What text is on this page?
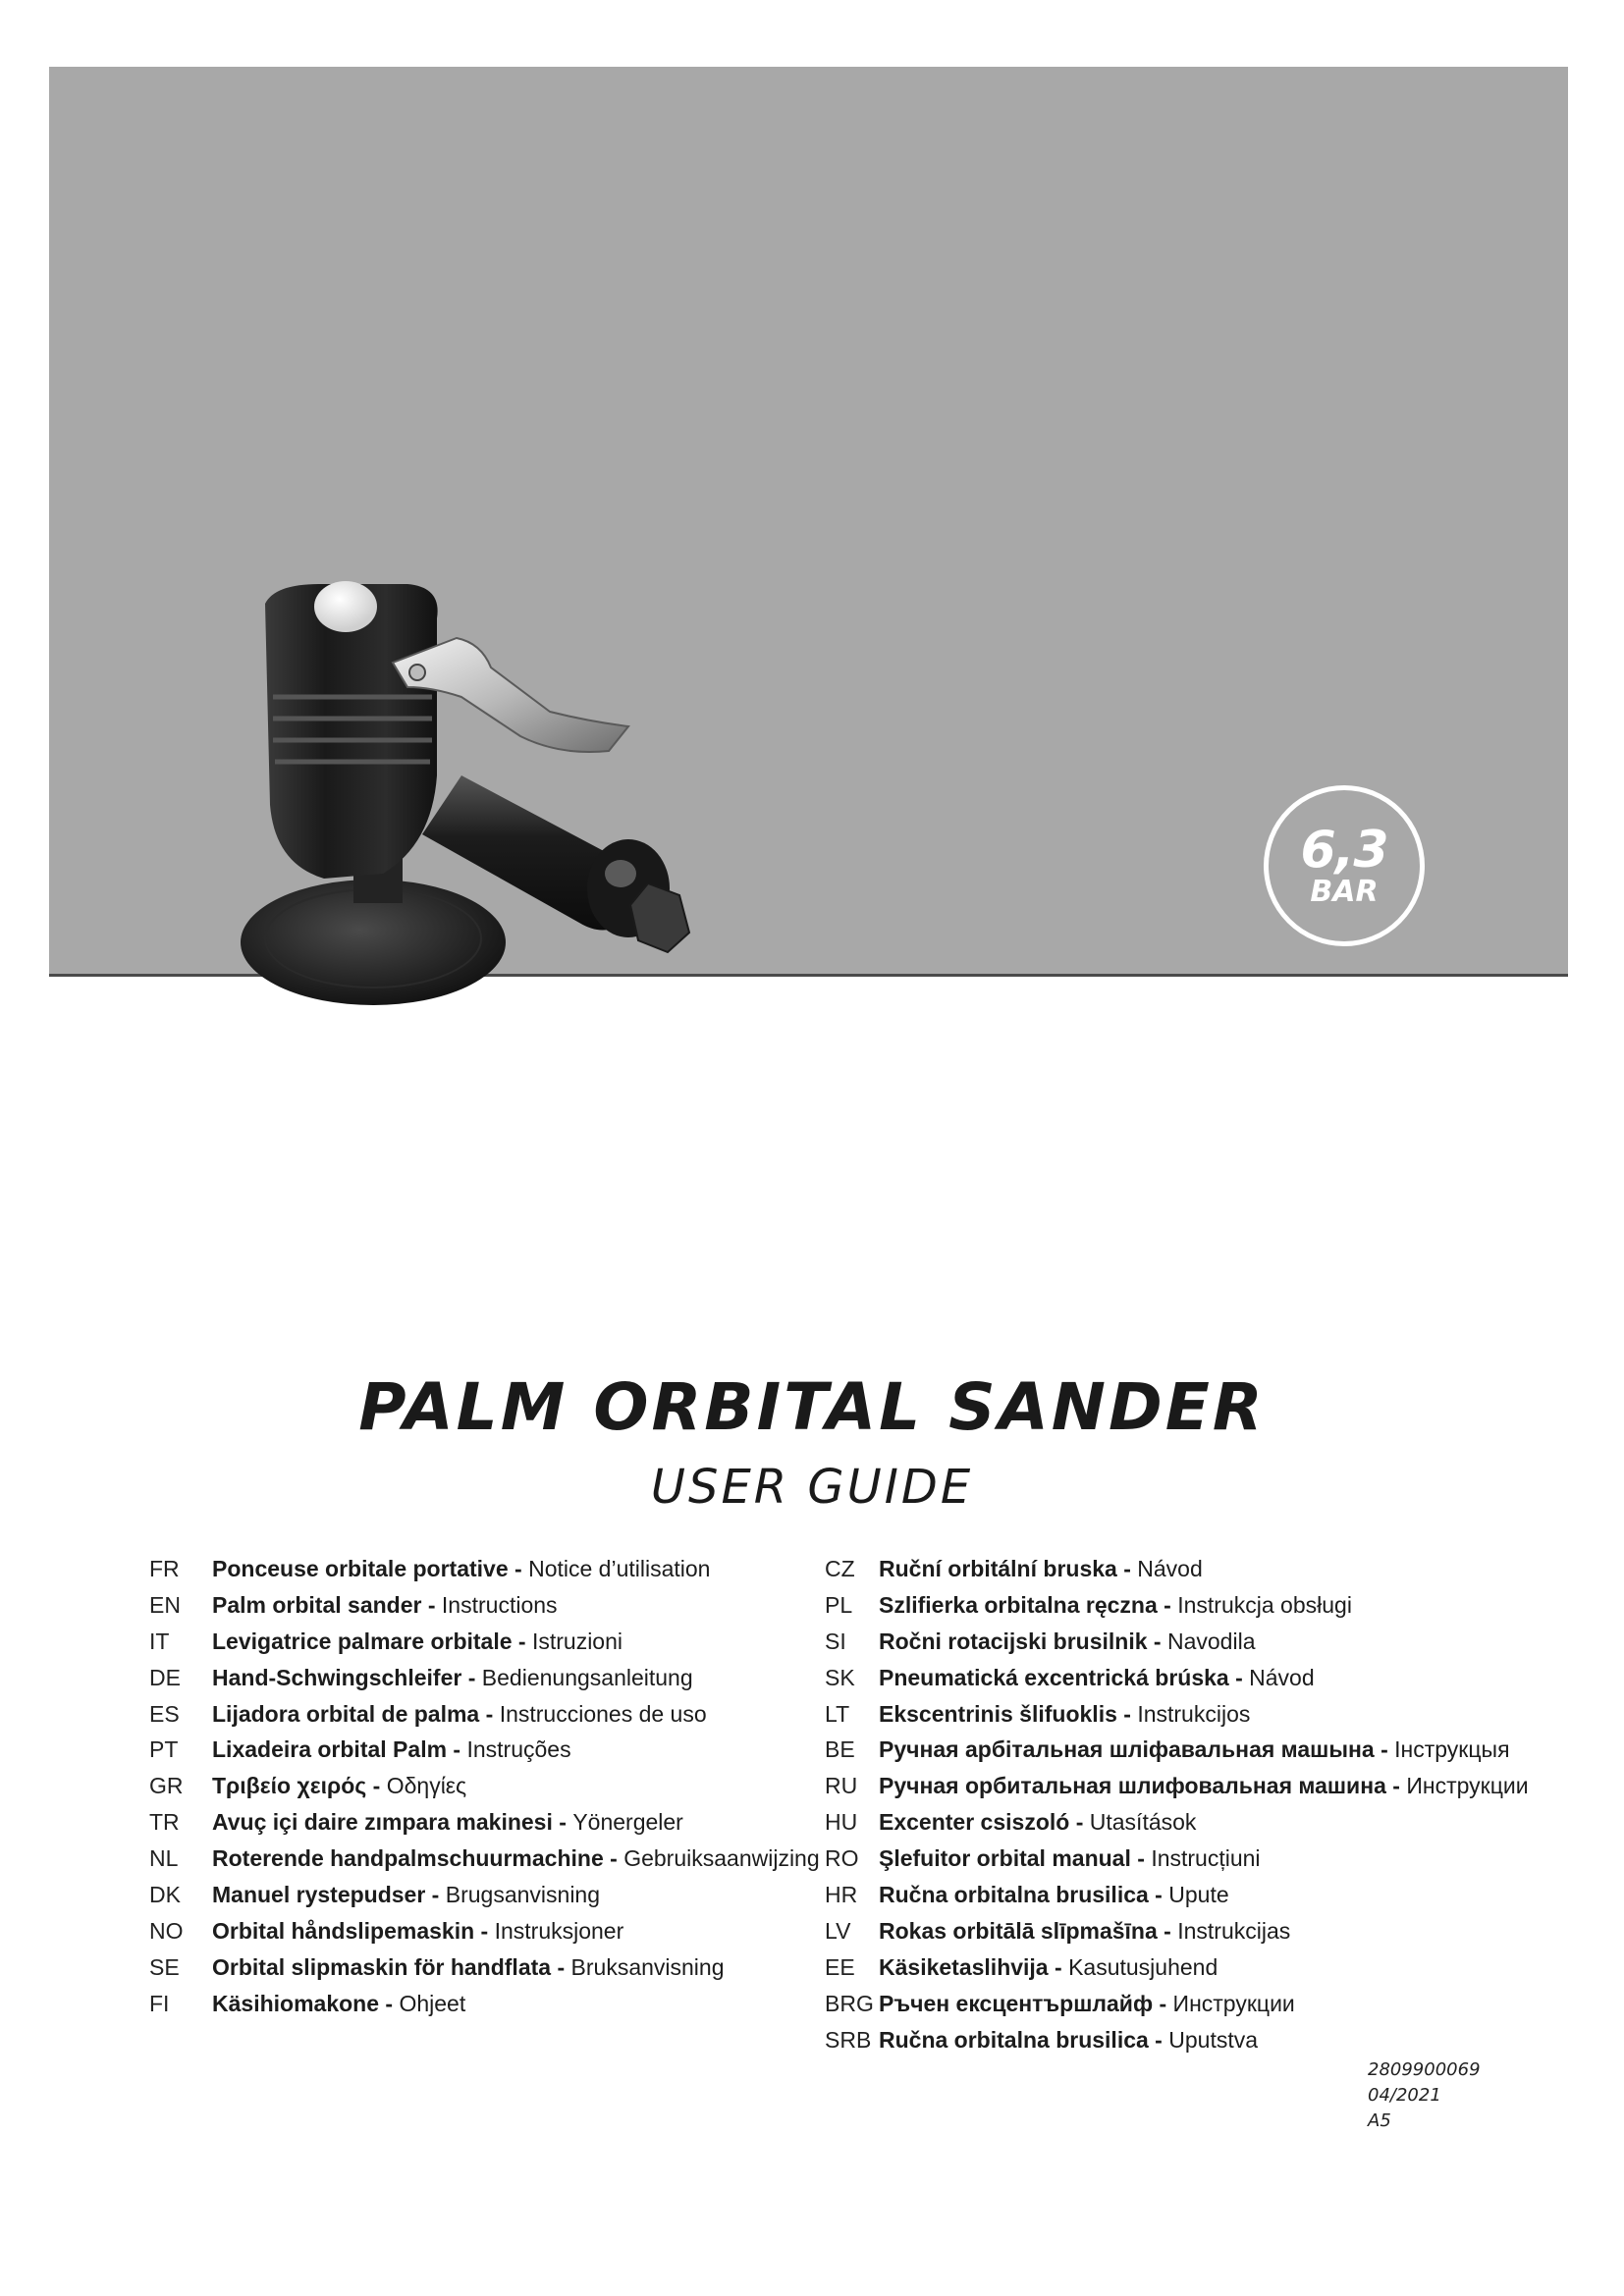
6,3
BAR
PALM ORBITAL SANDER
USER GUIDE
FR	Ponceuse orbitale portative - Notice d’utilisation
EN	Palm orbital sander - Instructions
IT	Levigatrice palmare orbitale - Istruzioni
DE	Hand-Schwingschleifer - Bedienungsanleitung
ES	Lijadora orbital de palma - Instrucciones de uso
PT	Lixadeira orbital Palm - Instruções
GR	Τριβείο χειρός - Οδηγίες
TR	Avuç içi daire zımpara makinesi - Yönergeler
NL	Roterende handpalmschuurmachine - Gebruiksaanwijzing
DK	Manuel rystepudser - Brugsanvisning
NO	Orbital håndslipemaskin - Instruksjoner
SE	Orbital slipmaskin för handflata - Bruksanvisning
FI	Käsihiomakone - Ohjeet
CZ	Ruční orbitální bruska - Návod
PL	Szlifierka orbitalna ręczna - Instrukcja obsługi
SI	Ročni rotacijski brusilnik - Navodila
SK	Pneumatická excentrická brúska - Návod
LT	Ekscentrinis šlifuoklis - Instrukcijos
BE	Ручная арбітальная шліфавальная машына - Інструкцыя
RU Ручная орбитальная шлифовальная машина - Инструкции
HU Excenter csiszoló - Utasítások
RO Şlefuitor orbital manual - Instrucțiuni
HR Ručna orbitalna brusilica - Upute
LV	Rokas orbitālā slīpmašīna - Instrukcijas
EE	Käsiketaslihvija - Kasutusjuhend
BRG Ръчен ексцентършлайф - Инструкции
SRB Ručna orbitalna brusilica - Uputstva
2809900069
04/2021
A5
